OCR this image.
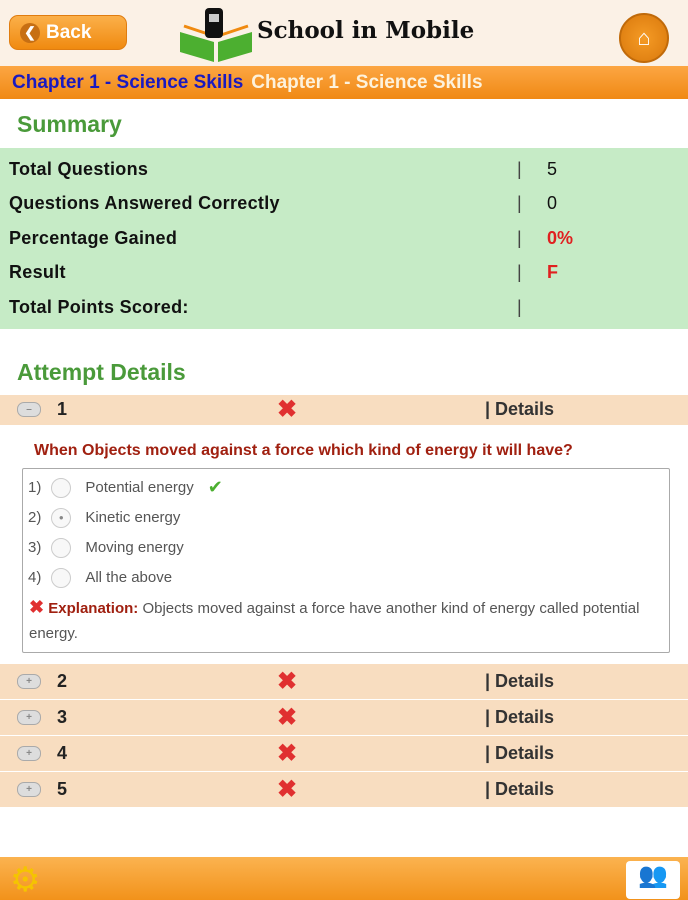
❮ Back	School in Mobile	⌂
Chapter 1 - Science Skills Chapter 1 - Science Skills
Summary
Total Questions	|	5
Questions Answered Correctly	|	0
Percentage Gained	|	0%
Result	|	F
Total Points Scored:	|
Attempt Details
–	1	✖	| Details
When Objects moved against a force which kind of energy it will have?
1)	Potential energy ✔
2)	●	Kinetic energy
3)	Moving energy
4)	All the above
✖ Explanation: Objects moved against a force have another kind of energy called potential energy.
+	2	✖	| Details
+	3	✖	| Details
+	4	✖	| Details
+	5	✖	| Details
⚙	👥
